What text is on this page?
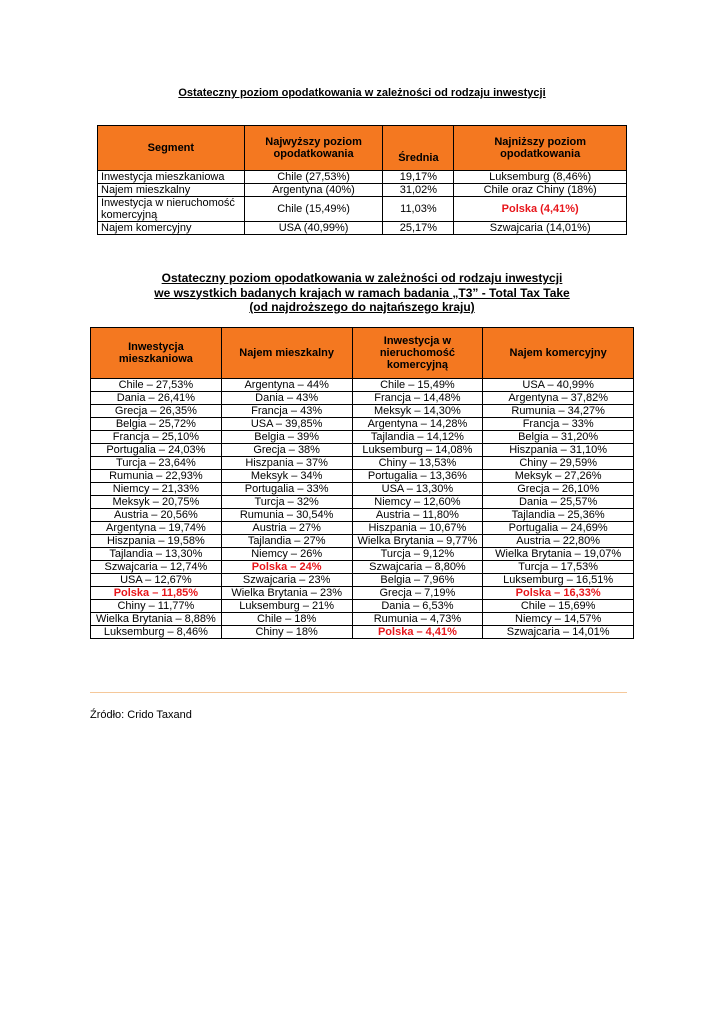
Ostateczny poziom opodatkowania w zależności od rodzaju inwestycji
Segment	Najwyższy poziom opodatkowania	Średnia	Najniższy poziom opodatkowania
Inwestycja mieszkaniowa	Chile (27,53%)	19,17%	Luksemburg (8,46%)
Najem mieszkalny	Argentyna (40%)	31,02%	Chile oraz Chiny (18%)
Inwestycja w nieruchomość komercyjną	Chile (15,49%)	11,03%	Polska (4,41%)
Najem komercyjny	USA (40,99%)	25,17%	Szwajcaria (14,01%)
Ostateczny poziom opodatkowania w zależności od rodzaju inwestycji
we wszystkich badanych krajach w ramach badania „T3” - Total Tax Take
(od najdroższego do najtańszego kraju)
Inwestycja mieszkaniowa	Najem mieszkalny	Inwestycja w nieruchomość komercyjną	Najem komercyjny
Chile – 27,53%	Argentyna – 44%	Chile – 15,49%	USA – 40,99%
Dania – 26,41%	Dania – 43%	Francja – 14,48%	Argentyna – 37,82%
Grecja – 26,35%	Francja – 43%	Meksyk – 14,30%	Rumunia – 34,27%
Belgia – 25,72%	USA – 39,85%	Argentyna – 14,28%	Francja – 33%
Francja – 25,10%	Belgia – 39%	Tajlandia – 14,12%	Belgia – 31,20%
Portugalia – 24,03%	Grecja – 38%	Luksemburg – 14,08%	Hiszpania – 31,10%
Turcja – 23,64%	Hiszpania – 37%	Chiny – 13,53%	Chiny – 29,59%
Rumunia – 22,93%	Meksyk – 34%	Portugalia – 13,36%	Meksyk – 27,26%
Niemcy – 21,33%	Portugalia – 33%	USA – 13,30%	Grecja – 26,10%
Meksyk – 20,75%	Turcja – 32%	Niemcy – 12,60%	Dania – 25,57%
Austria – 20,56%	Rumunia – 30,54%	Austria – 11,80%	Tajlandia – 25,36%
Argentyna – 19,74%	Austria – 27%	Hiszpania – 10,67%	Portugalia – 24,69%
Hiszpania – 19,58%	Tajlandia – 27%	Wielka Brytania – 9,77%	Austria – 22,80%
Tajlandia – 13,30%	Niemcy – 26%	Turcja – 9,12%	Wielka Brytania – 19,07%
Szwajcaria – 12,74%	Polska – 24%	Szwajcaria – 8,80%	Turcja – 17,53%
USA – 12,67%	Szwajcaria – 23%	Belgia – 7,96%	Luksemburg – 16,51%
Polska – 11,85%	Wielka Brytania – 23%	Grecja – 7,19%	Polska – 16,33%
Chiny – 11,77%	Luksemburg – 21%	Dania – 6,53%	Chile – 15,69%
Wielka Brytania – 8,88%	Chile – 18%	Rumunia – 4,73%	Niemcy – 14,57%
Luksemburg – 8,46%	Chiny – 18%	Polska – 4,41%	Szwajcaria – 14,01%
Źródło: Crido Taxand
